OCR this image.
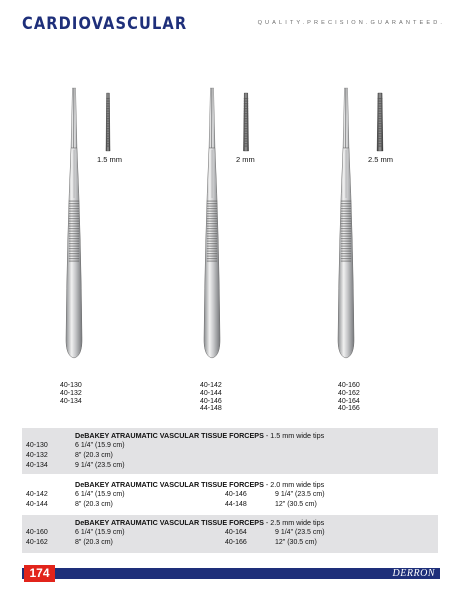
CARDIOVASCULAR	QUALITY.PRECISION.GUARANTEED.
1.5 mm	2 mm	2.5 mm
40-130
40-132
40-134
40-142
40-144
40-146
44-148
40-160
40-162
40-164
40-166
DeBAKEY ATRAUMATIC VASCULAR TISSUE FORCEPS - 1.5 mm wide tips
40-130	6 1/4" (15.9 cm)
40-132	8" (20.3 cm)
40-134	9 1/4" (23.5 cm)
DeBAKEY ATRAUMATIC VASCULAR TISSUE FORCEPS - 2.0 mm wide tips
40-142	6 1/4" (15.9 cm)	40-146	9 1/4" (23.5 cm)
40-144	8" (20.3 cm)	44-148	12" (30.5 cm)
DeBAKEY ATRAUMATIC VASCULAR TISSUE FORCEPS - 2.5 mm wide tips
40-160	6 1/4" (15.9 cm)	40-164	9 1/4" (23.5 cm)
40-162	8" (20.3 cm)	40-166	12" (30.5 cm)
174	DERRON
